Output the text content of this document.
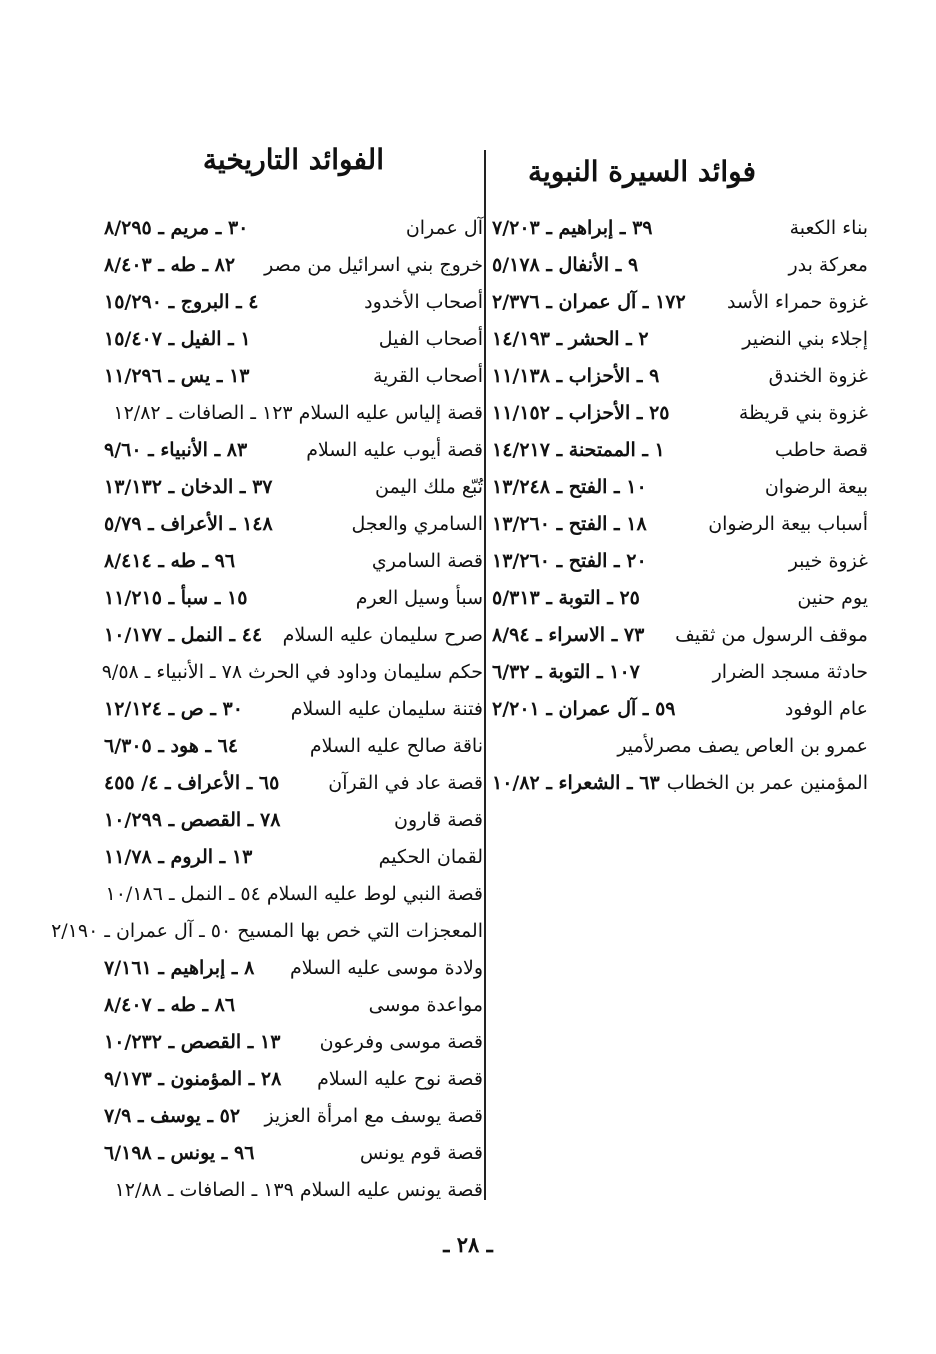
فوائد السيرة النبوية
الفوائد التاريخية
بناء الكعبة
٣٩ ـ إبراهيم ـ ٧/٢٠٣
معركة بدر
٩ ـ الأنفال ـ ٥/١٧٨
غزوة حمراء الأسد
١٧٢ ـ آل عمران ـ ٢/٣٧٦
إجلاء بني النضير
٢ ـ الحشر ـ ١٤/١٩٣
غزوة الخندق
٩ ـ الأحزاب ـ ١١/١٣٨
غزوة بني قريظة
٢٥ ـ الأحزاب ـ ١١/١٥٢
قصة حاطب
١ ـ الممتحنة ـ ١٤/٢١٧
بيعة الرضوان
١٠ ـ الفتح ـ ١٣/٢٤٨
أسباب بيعة الرضوان
١٨ ـ الفتح ـ ١٣/٢٦٠
غزوة خيبر
٢٠ ـ الفتح ـ ١٣/٢٦٠
يوم حنين
٢٥ ـ التوبة ـ ٥/٣١٣
موقف الرسول من ثقيف
٧٣ ـ الاسراء ـ ٨/٩٤
حادثة مسجد الضرار
١٠٧ ـ التوبة ـ ٦/٣٢
عام الوفود
٥٩ ـ آل عمران ـ ٢/٢٠١
عمرو بن العاص يصف مصرلأمير
المؤمنين عمر بن الخطاب
٦٣ ـ الشعراء ـ ١٠/٨٢
آل عمران
٣٠ ـ مريم ـ ٨/٢٩٥
خروج بني اسرائيل من مصر
٨٢ ـ طه ـ ٨/٤٠٣
أصحاب الأخدود
٤ ـ البروج ـ ١٥/٢٩٠
أصحاب الفيل
١ ـ الفيل ـ ١٥/٤٠٧
أصحاب القرية
١٣ ـ يس ـ ١١/٢٩٦
قصة إلياس عليه السلام ١٢٣ ـ الصافات ـ ١٢/٨٢
قصة أيوب عليه السلام
٨٣ ـ الأنبياء ـ ٩/٦٠
تُبّع ملك اليمن
٣٧ ـ الدخان ـ ١٣/١٣٢
السامري والعجل
١٤٨ ـ الأعراف ـ ٥/٧٩
قصة السامري
٩٦ ـ طه ـ ٨/٤١٤
سبأ وسيل العرم
١٥ ـ سبأ ـ ١١/٢١٥
صرح سليمان عليه السلام
٤٤ ـ النمل ـ ١٠/١٧٧
حكم سليمان وداود في الحرث ٧٨ ـ الأنبياء ـ ٩/٥٨
فتنة سليمان عليه السلام
٣٠ ـ ص ـ ١٢/١٢٤
ناقة صالح عليه السلام
٦٤ ـ هود ـ ٦/٣٠٥
قصة عاد في القرآن
٦٥ ـ الأعراف ـ ٤/ ٤٥٥
قصة قارون
٧٨ ـ القصص ـ ١٠/٢٩٩
لقمان الحكيم
١٣ ـ الروم ـ ١١/٧٨
قصة النبي لوط عليه السلام ٥٤ ـ النمل ـ ١٠/١٨٦
المعجزات التي خص بها المسيح ٥٠ ـ آل عمران ـ ٢/١٩٠
ولادة موسى عليه السلام
٨ ـ إبراهيم ـ ٧/١٦١
مواعدة موسى
٨٦ ـ طه ـ ٨/٤٠٧
قصة موسى وفرعون
١٣ ـ القصص ـ ١٠/٢٣٢
قصة نوح عليه السلام
٢٨ ـ المؤمنون ـ ٩/١٧٣
قصة يوسف مع امرأة العزيز
٥٢ ـ يوسف ـ ٧/٩
قصة قوم يونس
٩٦ ـ يونس ـ ٦/١٩٨
قصة يونس عليه السلام ١٣٩ ـ الصافات ـ ١٢/٨٨
ـ ٢٨ ـ
